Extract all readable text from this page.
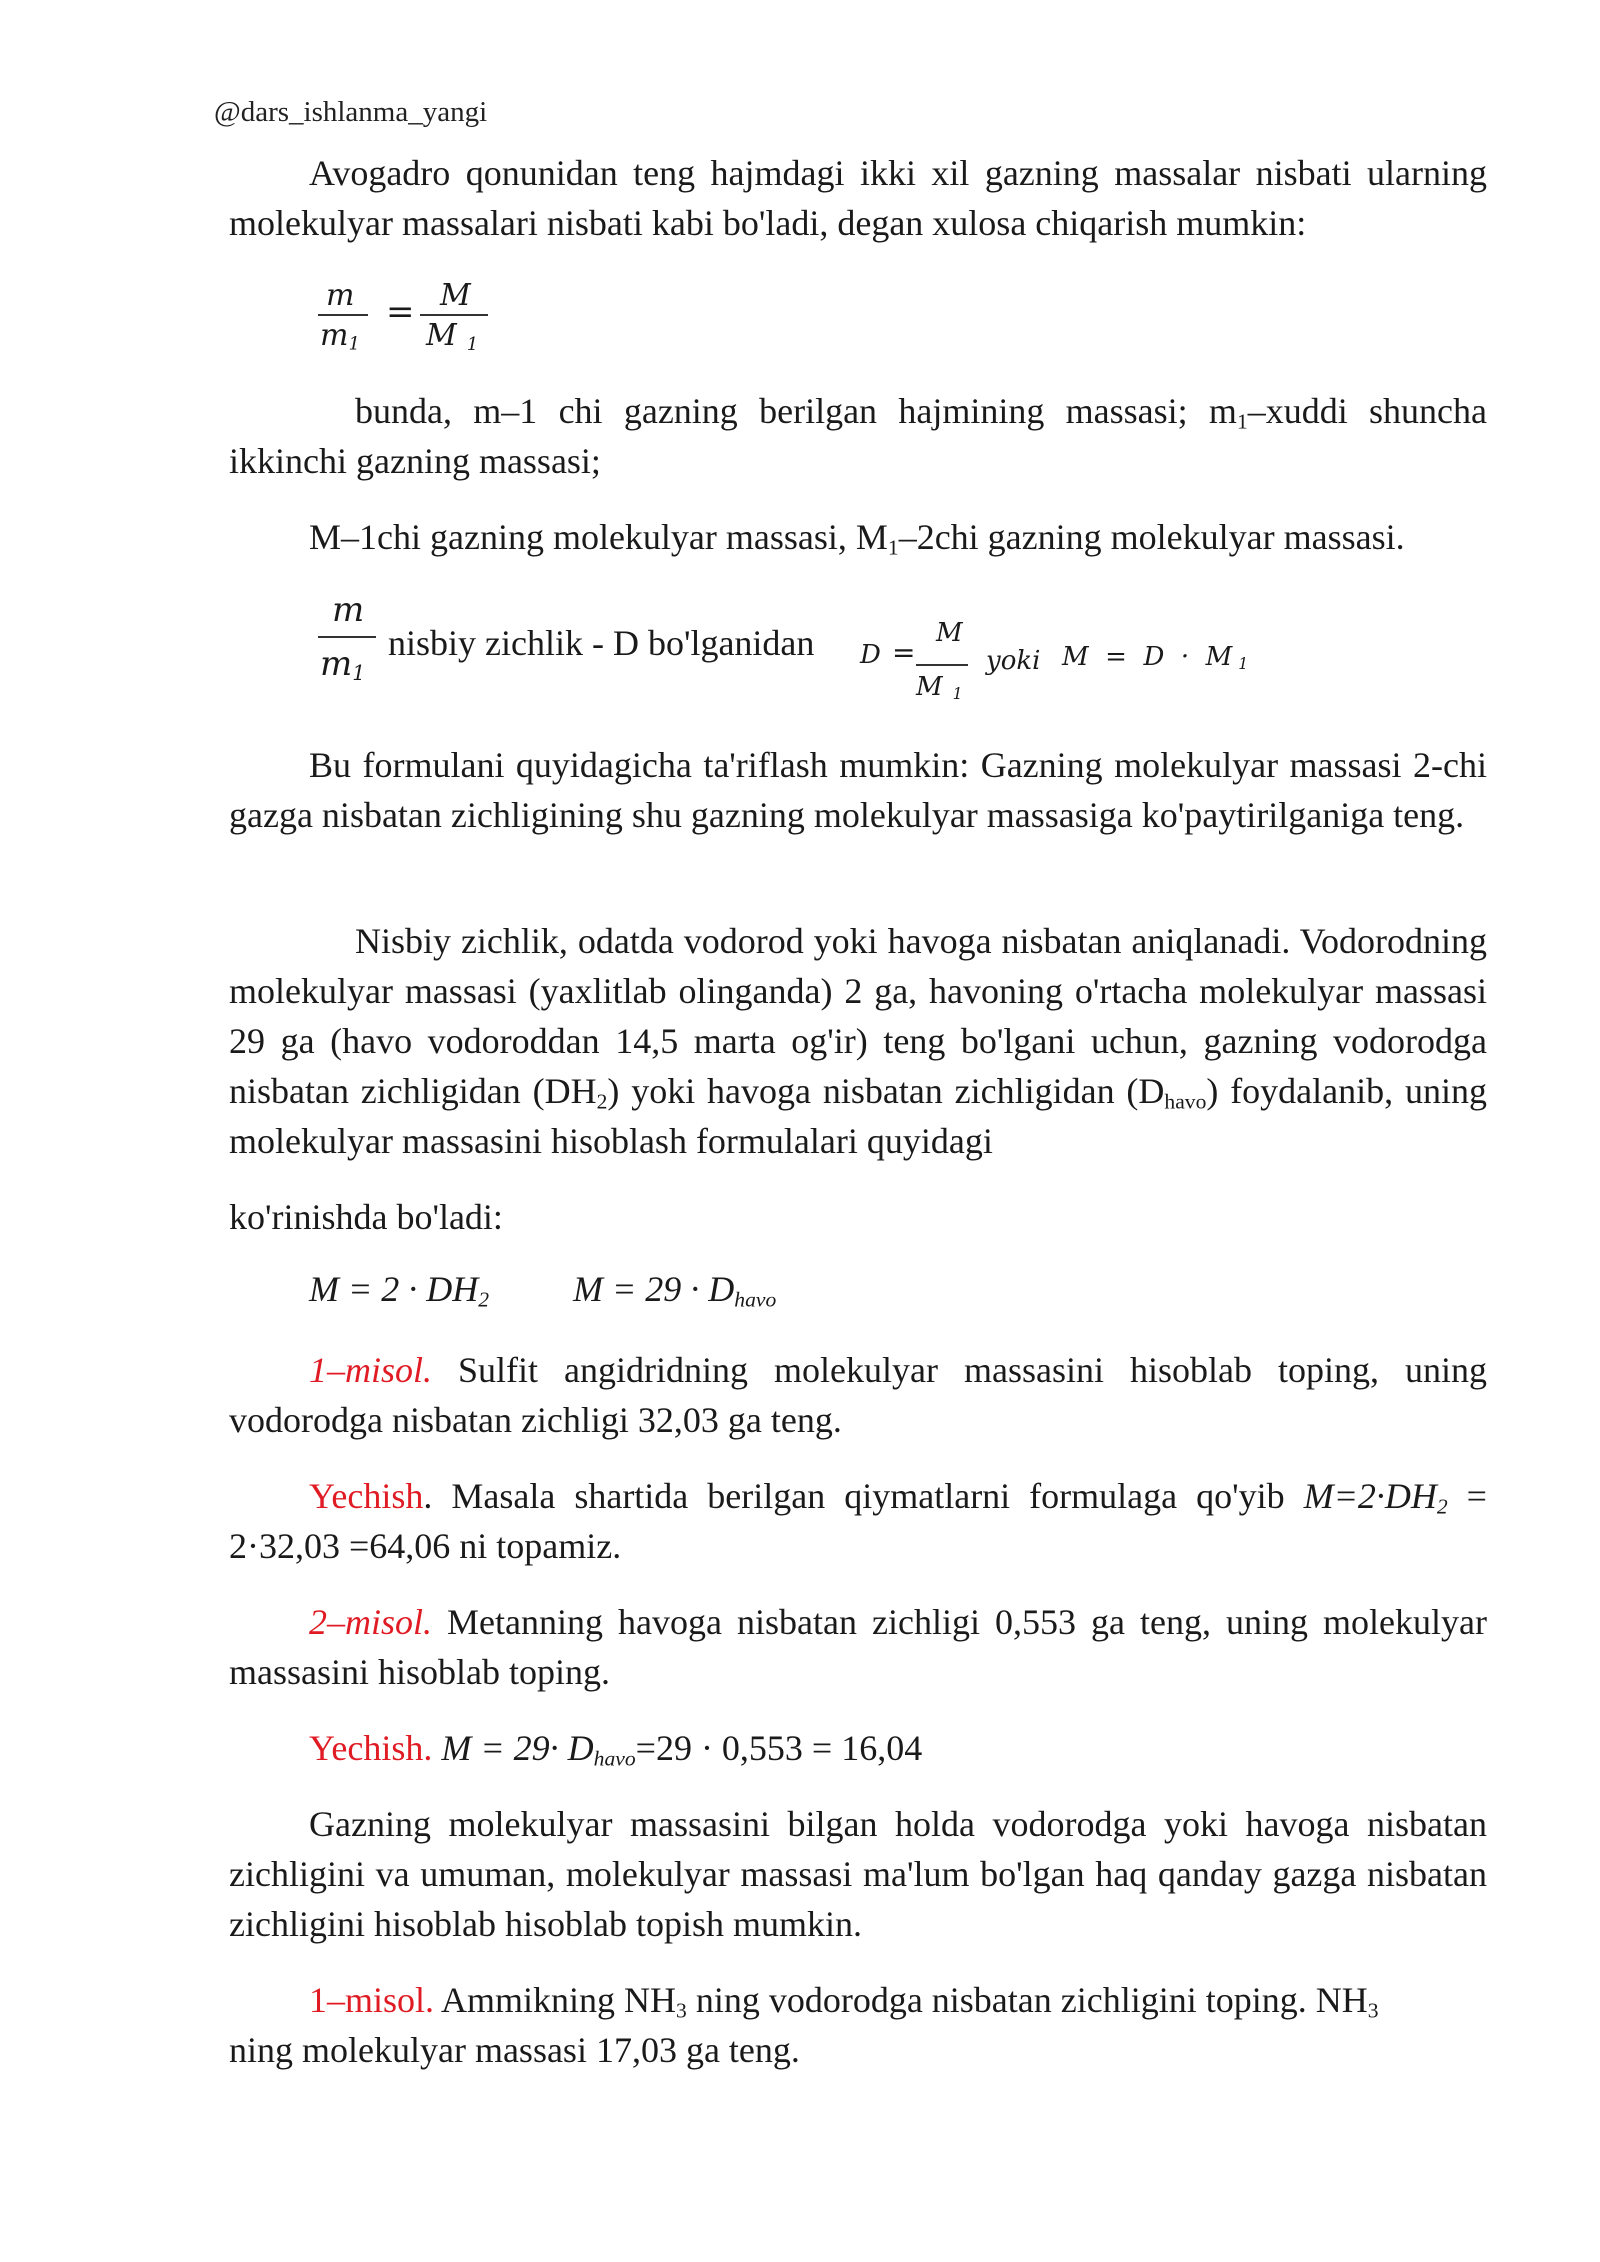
@dars_ishlanma_yangi

Avogadro qonunidan teng hajmdagi ikki xil gazning massalar nisbati ularning molekulyar massalari nisbati kabi bo'ladi, degan xulosa chiqarish mumkin:

m
$m_1$
= M
M $_1$

bunda, m–1 chi gazning berilgan hajmining massasi; $m_1$–xuddi shuncha ikkinchi gazning massasi;

M–1chi gazning molekulyar massasi, $M_1-2chi$ gazning molekulyar massasi.

m
$m_1$
nisbiy zichlik - D bo'lganidan D =
M
M $_1$
yoki M  =  D  ·  M $_1$

Bu formulani quyidagicha ta'riflash mumkin: Gazning molekulyar massasi 2-chi gazga nisbatan zichligining shu gazning molekulyar massasiga ko'paytirilganiga teng.

Nisbiy zichlik, odatda vodorod yoki havoga nisbatan aniqlanadi. Vodorodning molekulyar massasi (yaxlitlab olinganda) 2 ga, havoning o'rtacha molekulyar massasi 29 ga (havo vodoroddan 14,5 marta og'ir) teng bo'lgani uchun, gazning vodorodga nisbatan zichligidan $(DH_2)$ yoki havoga nisbatan zichligidan $(D_{havo})$ foydalanib, uning molekulyar massasini hisoblash formulalari quyidagi

ko'rinishda bo'ladi:

$M = 2 \cdot DH_2$ $M = 29 \cdot D_{havo}$

1–misol. Sulfit angidridning molekulyar massasini hisoblab toping, uning vodorodga nisbatan zichligi 32,03 ga teng.

Yechish. Masala shartida berilgan qiymatlarni formulaga qo'yib $M=2\cdot DH_2 = 2\cdot 32,03 =64,06$ ni topamiz.

2–misol. Metanning havoga nisbatan zichligi 0,553 ga teng, uning molekulyar massasini hisoblab toping.

Yechish. $M = 29\cdot D_{havo}=29 \cdot 0,553 = 16,04$

Gazning molekulyar massasini bilgan holda vodorodga yoki havoga nisbatan zichligini va umuman, molekulyar massasi ma'lum bo'lgan haq qanday gazga nisbatan zichligini hisoblab hisoblab topish mumkin.

1–misol. Ammikning $NH_3$ ning vodorodga nisbatan zichligini toping. $NH_3$
ning molekulyar massasi 17,03 ga teng.
